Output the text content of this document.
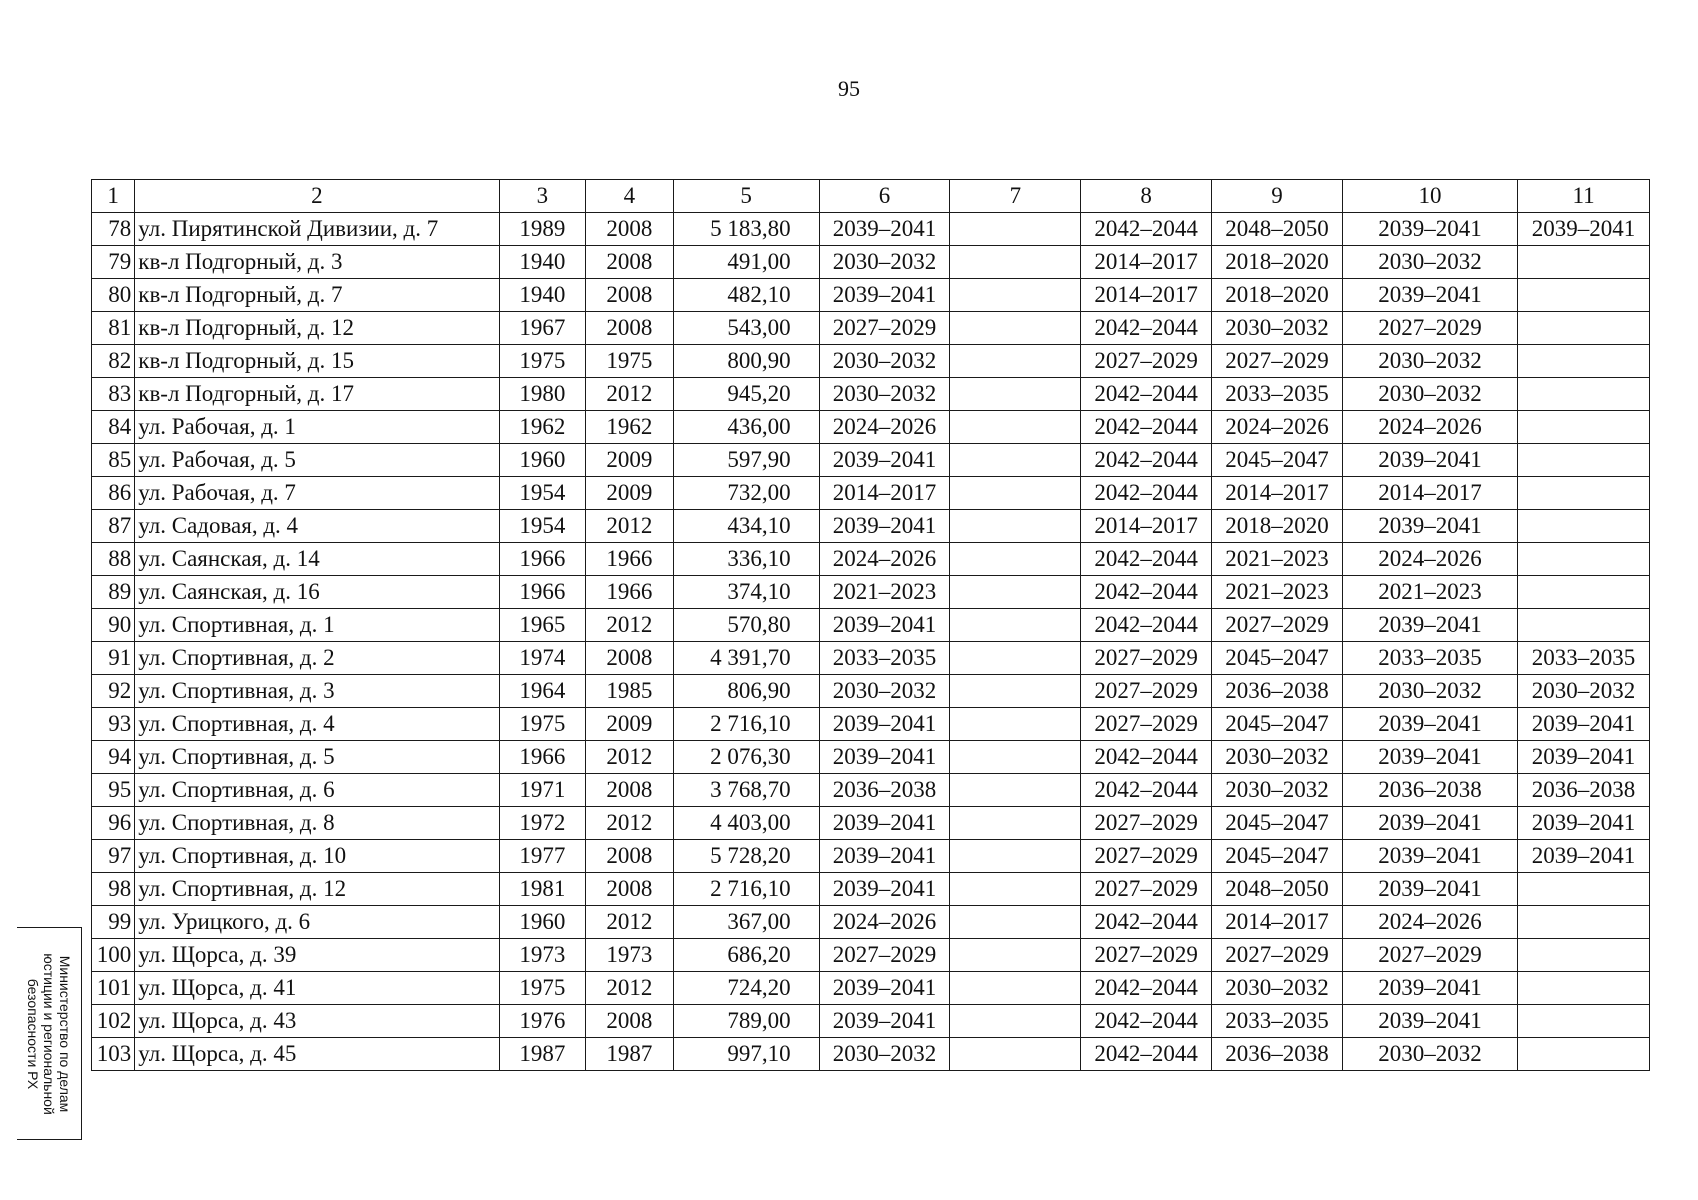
95
1	2	3	4	5	6	7	8	9	10	11
78	ул. Пирятинской Дивизии, д. 7	1989	2008	5 183,80	2039–2041		2042–2044	2048–2050	2039–2041	2039–2041
79	кв-л Подгорный, д. 3	1940	2008	491,00	2030–2032		2014–2017	2018–2020	2030–2032	
80	кв-л Подгорный, д. 7	1940	2008	482,10	2039–2041		2014–2017	2018–2020	2039–2041	
81	кв-л Подгорный, д. 12	1967	2008	543,00	2027–2029		2042–2044	2030–2032	2027–2029	
82	кв-л Подгорный, д. 15	1975	1975	800,90	2030–2032		2027–2029	2027–2029	2030–2032	
83	кв-л Подгорный, д. 17	1980	2012	945,20	2030–2032		2042–2044	2033–2035	2030–2032	
84	ул. Рабочая, д. 1	1962	1962	436,00	2024–2026		2042–2044	2024–2026	2024–2026	
85	ул. Рабочая, д. 5	1960	2009	597,90	2039–2041		2042–2044	2045–2047	2039–2041	
86	ул. Рабочая, д. 7	1954	2009	732,00	2014–2017		2042–2044	2014–2017	2014–2017	
87	ул. Садовая, д. 4	1954	2012	434,10	2039–2041		2014–2017	2018–2020	2039–2041	
88	ул. Саянская, д. 14	1966	1966	336,10	2024–2026		2042–2044	2021–2023	2024–2026	
89	ул. Саянская, д. 16	1966	1966	374,10	2021–2023		2042–2044	2021–2023	2021–2023	
90	ул. Спортивная, д. 1	1965	2012	570,80	2039–2041		2042–2044	2027–2029	2039–2041	
91	ул. Спортивная, д. 2	1974	2008	4 391,70	2033–2035		2027–2029	2045–2047	2033–2035	2033–2035
92	ул. Спортивная, д. 3	1964	1985	806,90	2030–2032		2027–2029	2036–2038	2030–2032	2030–2032
93	ул. Спортивная, д. 4	1975	2009	2 716,10	2039–2041		2027–2029	2045–2047	2039–2041	2039–2041
94	ул. Спортивная, д. 5	1966	2012	2 076,30	2039–2041		2042–2044	2030–2032	2039–2041	2039–2041
95	ул. Спортивная, д. 6	1971	2008	3 768,70	2036–2038		2042–2044	2030–2032	2036–2038	2036–2038
96	ул. Спортивная, д. 8	1972	2012	4 403,00	2039–2041		2027–2029	2045–2047	2039–2041	2039–2041
97	ул. Спортивная, д. 10	1977	2008	5 728,20	2039–2041		2027–2029	2045–2047	2039–2041	2039–2041
98	ул. Спортивная, д. 12	1981	2008	2 716,10	2039–2041		2027–2029	2048–2050	2039–2041	
99	ул. Урицкого, д. 6	1960	2012	367,00	2024–2026		2042–2044	2014–2017	2024–2026	
100	ул. Щорса, д. 39	1973	1973	686,20	2027–2029		2027–2029	2027–2029	2027–2029	
101	ул. Щорса, д. 41	1975	2012	724,20	2039–2041		2042–2044	2030–2032	2039–2041	
102	ул. Щорса, д. 43	1976	2008	789,00	2039–2041		2042–2044	2033–2035	2039–2041	
103	ул. Щорса, д. 45	1987	1987	997,10	2030–2032		2042–2044	2036–2038	2030–2032	
Министерство по делам
юстиции и региональной
безопасности РХ
